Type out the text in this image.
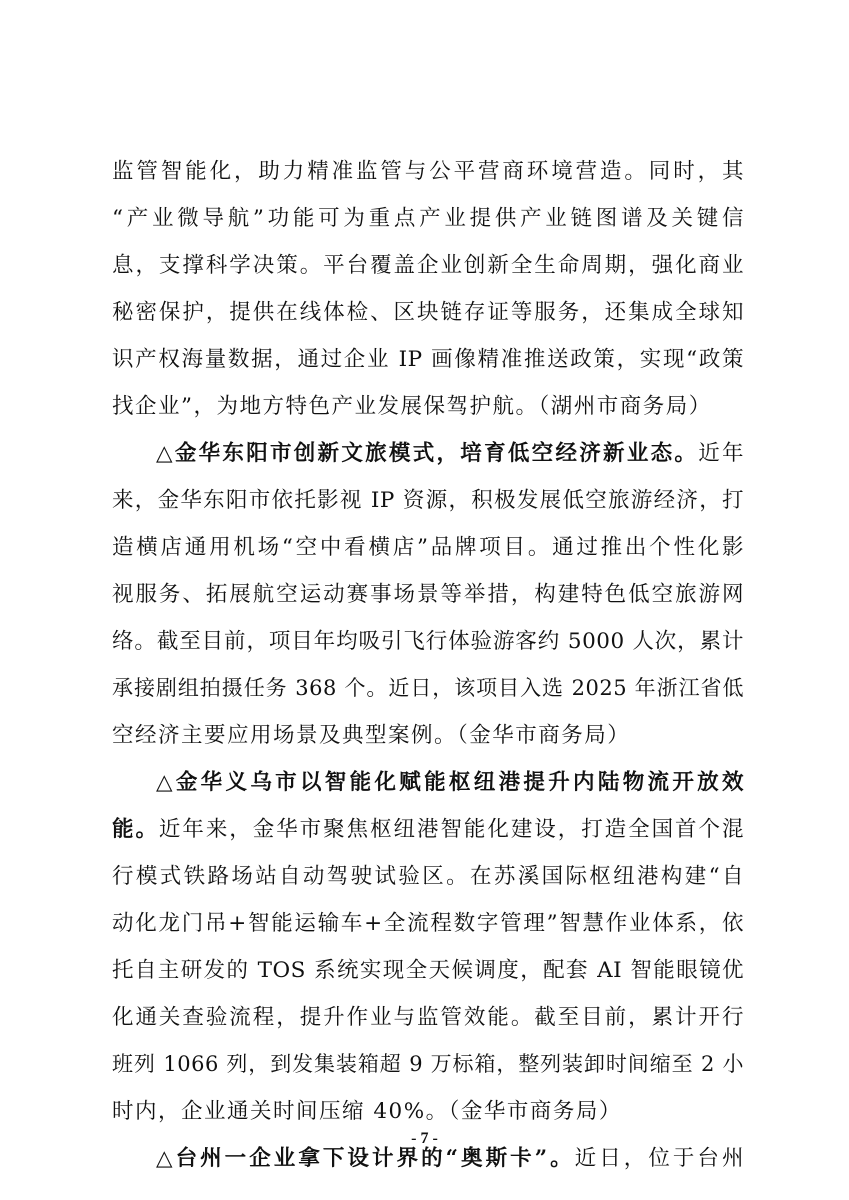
监管智能化，助力精准监管与公平营商环境营造。同时，其
“产业微导航”功能可为重点产业提供产业链图谱及关键信
息，支撑科学决策。平台覆盖企业创新全生命周期，强化商业
秘密保护，提供在线体检、区块链存证等服务，还集成全球知
识产权海量数据，通过企业 IP 画像精准推送政策，实现“政策
找企业”，为地方特色产业发展保驾护航。（湖州市商务局）
△金华东阳市创新文旅模式，培育低空经济新业态。近年
来，金华东阳市依托影视 IP 资源，积极发展低空旅游经济，打
造横店通用机场“空中看横店”品牌项目。通过推出个性化影
视服务、拓展航空运动赛事场景等举措，构建特色低空旅游网
络。截至目前，项目年均吸引飞行体验游客约 5000 人次，累计
承接剧组拍摄任务 368 个。近日，该项目入选 2025 年浙江省低
空经济主要应用场景及典型案例。（金华市商务局）
△金华义乌市以智能化赋能枢纽港提升内陆物流开放效
能。近年来，金华市聚焦枢纽港智能化建设，打造全国首个混
行模式铁路场站自动驾驶试验区。在苏溪国际枢纽港构建“自
动化龙门吊+智能运输车+全流程数字管理”智慧作业体系，依
托自主研发的 TOS 系统实现全天候调度，配套 AI 智能眼镜优
化通关查验流程，提升作业与监管效能。截至目前，累计开行
班列 1066 列，到发集装箱超 9 万标箱，整列装卸时间缩至 2 小
时内，企业通关时间压缩 40%。（金华市商务局）
△台州一企业拿下设计界的“奥斯卡”。近日，位于台州
- 7 -
